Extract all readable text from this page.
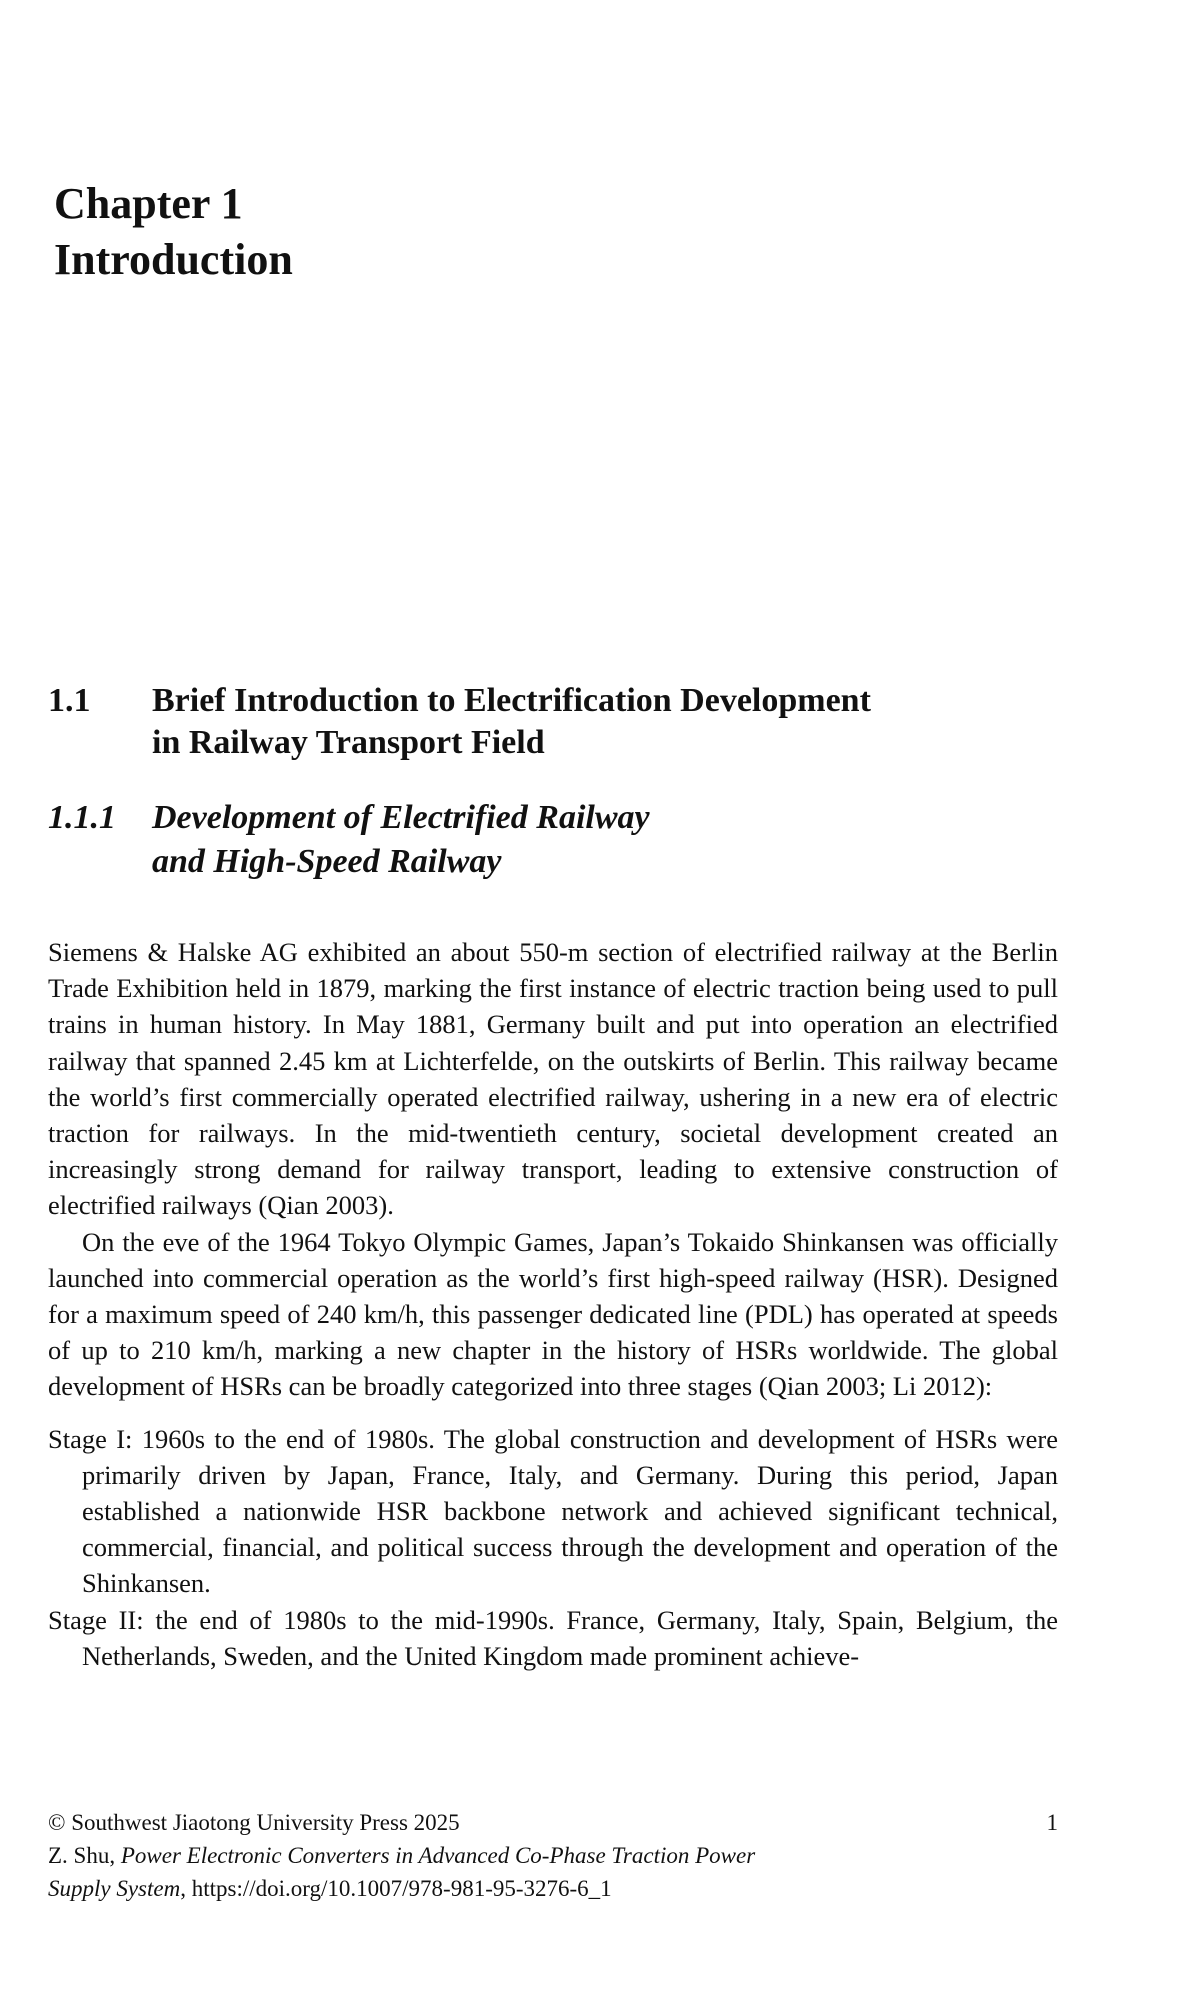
Chapter 1
Introduction
1.1	Brief Introduction to Electrification Development
in Railway Transport Field
1.1.1	Development of Electrified Railway
and High-Speed Railway

Siemens & Halske AG exhibited an about 550-m section of electrified railway at the Berlin Trade Exhibition held in 1879, marking the first instance of electric traction being used to pull trains in human history. In May 1881, Germany built and put into operation an electrified railway that spanned 2.45 km at Lichterfelde, on the outskirts of Berlin. This railway became the world’s first commercially operated electrified railway, ushering in a new era of electric traction for railways. In the mid-twentieth century, societal development created an increasingly strong demand for railway transport, leading to extensive construction of electrified railways (Qian 2003).

On the eve of the 1964 Tokyo Olympic Games, Japan’s Tokaido Shinkansen was officially launched into commercial operation as the world’s first high-speed railway (HSR). Designed for a maximum speed of 240 km/h, this passenger dedicated line (PDL) has operated at speeds of up to 210 km/h, marking a new chapter in the history of HSRs worldwide. The global development of HSRs can be broadly categorized into three stages (Qian 2003; Li 2012):

Stage I: 1960s to the end of 1980s. The global construction and development of HSRs were primarily driven by Japan, France, Italy, and Germany. During this period, Japan established a nationwide HSR backbone network and achieved significant technical, commercial, financial, and political success through the development and operation of the Shinkansen.
Stage II: the end of 1980s to the mid-1990s. France, Germany, Italy, Spain, Belgium, the Netherlands, Sweden, and the United Kingdom made prominent achieve-
© Southwest Jiaotong University Press 2025	1
Z. Shu, Power Electronic Converters in Advanced Co-Phase Traction Power
Supply System, https://doi.org/10.1007/978-981-95-3276-6_1
